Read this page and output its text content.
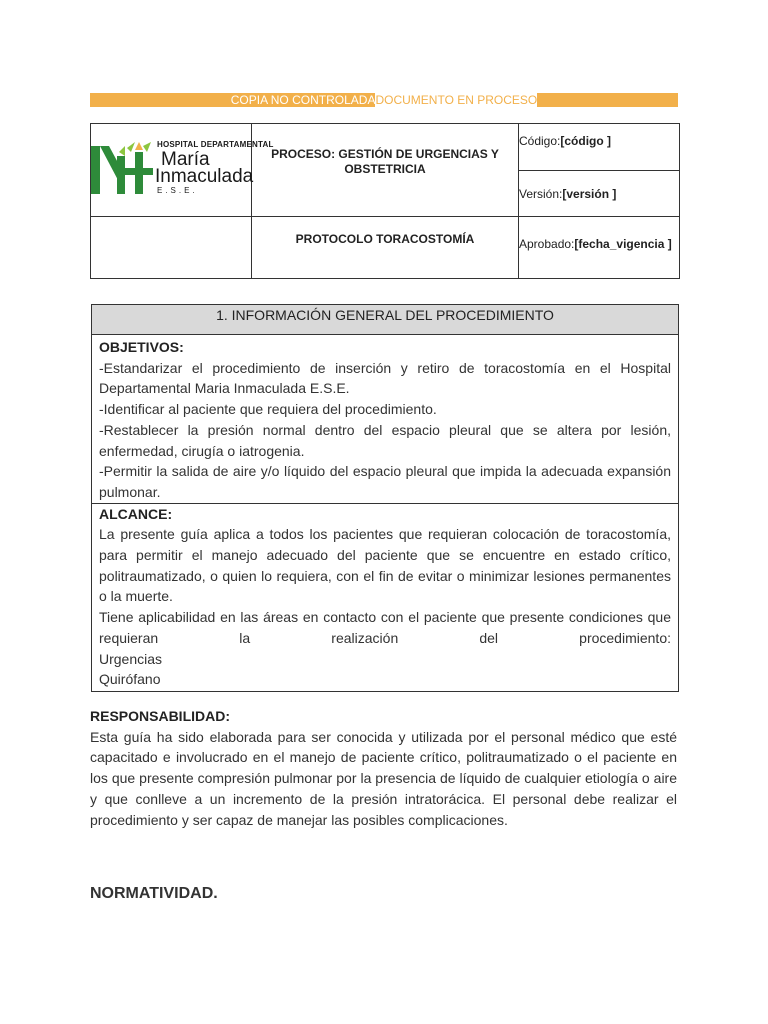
COPIA NO CONTROLADADOCUMENTO EN PROCESO
HOSPITAL DEPARTAMENTAL
María
Inmaculada
E.S.E.	PROCESO: GESTIÓN DE URGENCIAS Y OBSTETRICIA	Código:[código ]

		Versión:[versión ]

	PROTOCOLO TORACOSTOMÍA	Aprobado:[fecha_vigencia ]
1. INFORMACIÓN GENERAL DEL PROCEDIMIENTO
OBJETIVOS:

-Estandarizar el procedimiento de inserción y retiro de toracostomía en el Hospital Departamental Maria Inmaculada E.S.E.

-Identificar al paciente que requiera del procedimiento.

-Restablecer la presión normal dentro del espacio pleural que se altera por lesión, enfermedad, cirugía o iatrogenia.

-Permitir la salida de aire y/o líquido del espacio pleural que impida la adecuada expansión pulmonar.

ALCANCE:

La presente guía aplica a todos los pacientes que requieran colocación de toracostomía, para permitir el manejo adecuado del paciente que se encuentre en estado crítico, politraumatizado, o quien lo requiera, con el fin de evitar o minimizar lesiones permanentes o la muerte.

Tiene aplicabilidad en las áreas en contacto con el paciente que presente condiciones que requieran la realización del procedimiento:

Urgencias

Quirófano

RESPONSABILIDAD:

Esta guía ha sido elaborada para ser conocida y utilizada por el personal médico que esté capacitado e involucrado en el manejo de paciente crítico, politraumatizado o el paciente en los que presente compresión pulmonar por la presencia de líquido de cualquier etiología o aire y que conlleve a un incremento de la presión intratorácica. El personal debe realizar el procedimiento y ser capaz de manejar las posibles complicaciones.

NORMATIVIDAD.
